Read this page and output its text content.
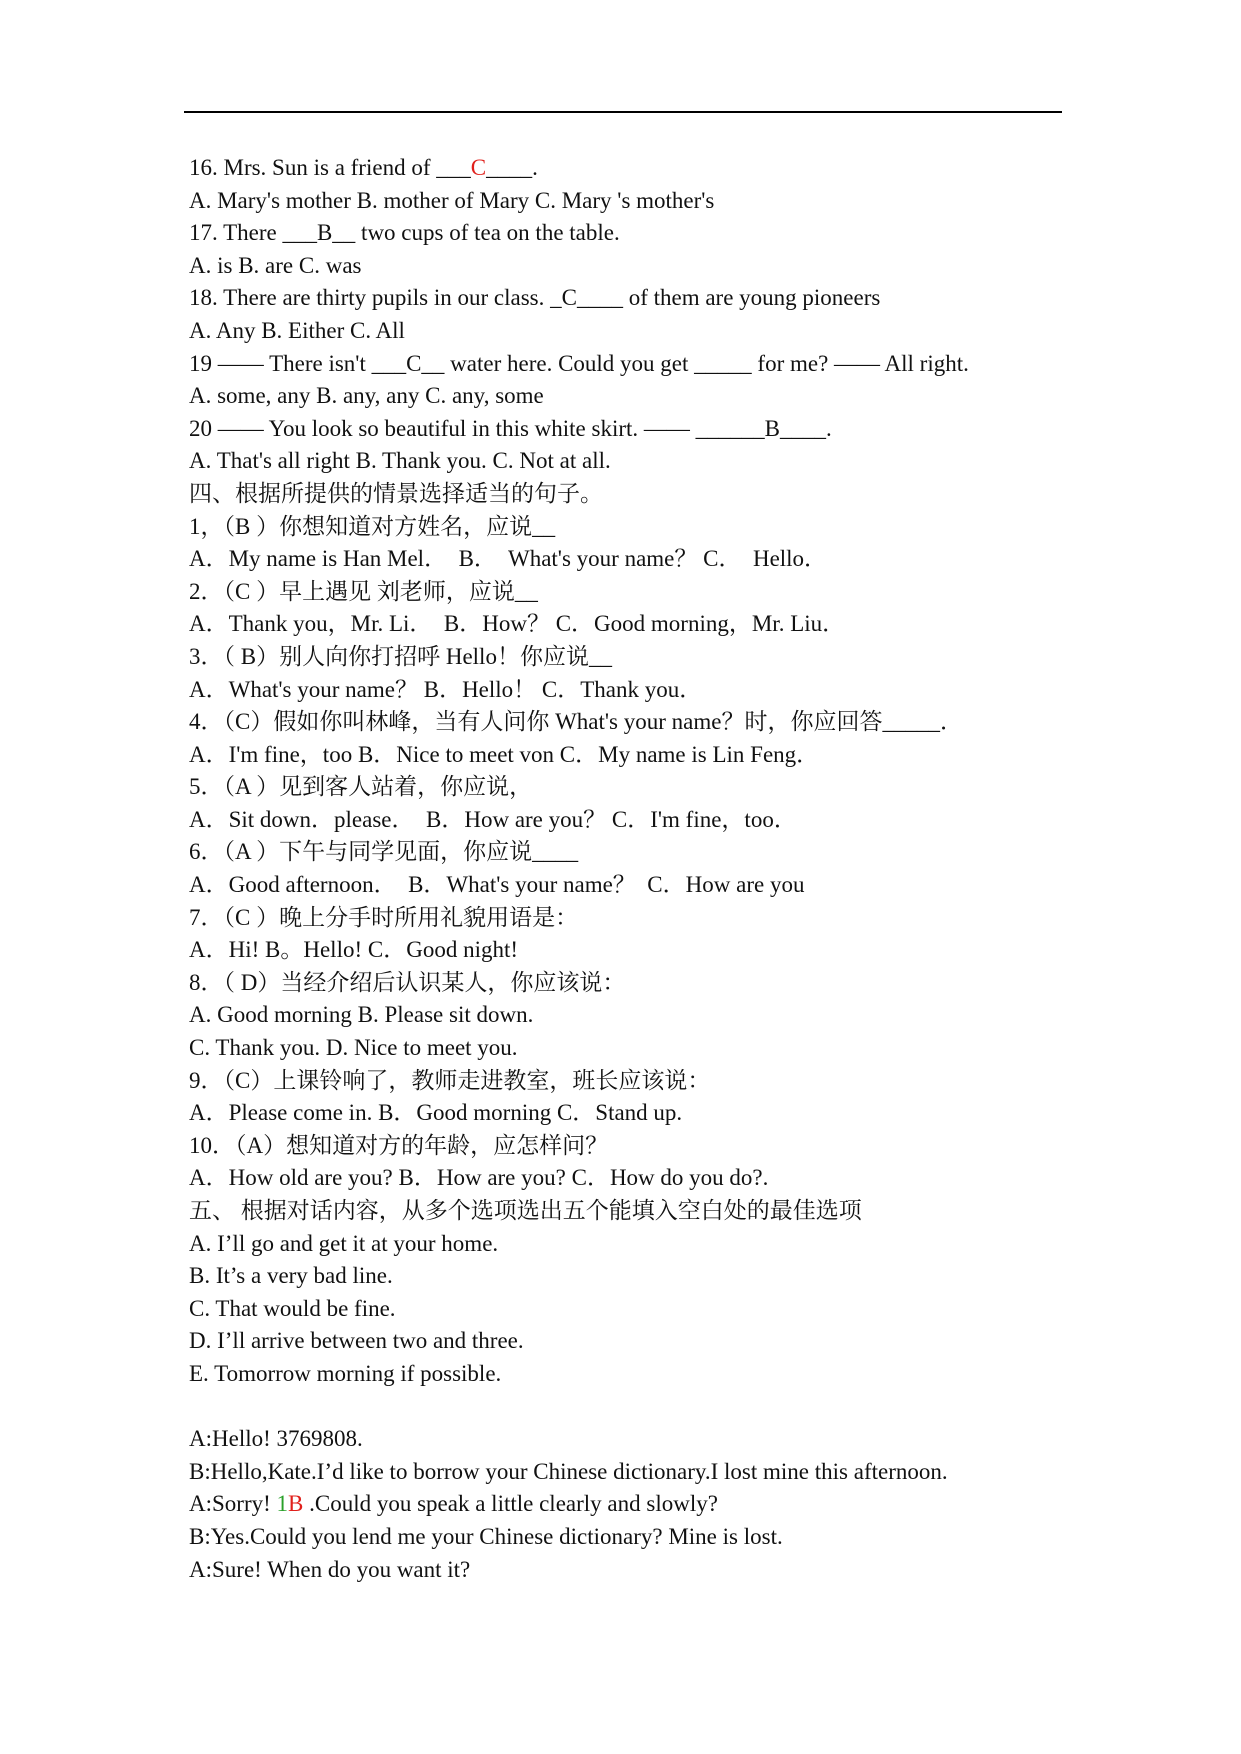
16. Mrs. Sun is a friend of ___C____.
A. Mary's mother B. mother of Mary C. Mary 's mother's
17. There ___B__ two cups of tea on the table.
A. is B. are C. was
18. There are thirty pupils in our class. _C____ of them are young pioneers
A. Any B. Either C. All
19 —— There isn't ___C__ water here. Could you get _____ for me? —— All right.
A. some, any B. any, any C. any, some
20 —— You look so beautiful in this white skirt. —— ______B____.
A. That's all right B. Thank you. C. Not at all.
四、根据所提供的情景选择适当的句子。
1，（B ）你想知道对方姓名，应说__
A．My name is Han Mel．  B．  What's your name？ C．  Hello．
2．（C ）早上遇见 刘老师，应说__
A．Thank you，Mr. Li．  B．How？ C．Good morning，Mr. Liu．
3．（ B）别人向你打招呼 Hello！你应说__
A．What's your name？ B．Hello！ C．Thank you．
4．（C）假如你叫林峰，当有人问你 What's your name？时，你应回答_____．
A．I'm fine，too B．Nice to meet von C．My name is Lin Feng．
5．（A ）见到客人站着，你应说，
A．Sit down．please．  B．How are you？ C．I'm fine，too．
6．（A ）下午与同学见面，你应说____
A．Good afternoon．  B．What's your name？  C．How are you
7．（C ）晚上分手时所用礼貌用语是：
A．Hi! B。Hello! C．Good night!
8．（ D）当经介绍后认识某人，你应该说：
A. Good morning B. Please sit down.
C. Thank you. D. Nice to meet you.
9．（C）上课铃响了，教师走进教室，班长应该说：
A．Please come in. B．Good morning C．Stand up.
10．（A）想知道对方的年龄，应怎样问？
A．How old are you? B．How are you? C．How do you do?.
五、 根据对话内容，从多个选项选出五个能填入空白处的最佳选项
A. I’ll go and get it at your home.
B. It’s a very bad line.
C. That would be fine.
D. I’ll arrive between two and three.
E. Tomorrow morning if possible.
A:Hello! 3769808.
B:Hello,Kate.I’d like to borrow your Chinese dictionary.I lost mine this afternoon.
A:Sorry! 1B .Could you speak a little clearly and slowly?
B:Yes.Could you lend me your Chinese dictionary? Mine is lost.
A:Sure! When do you want it?
